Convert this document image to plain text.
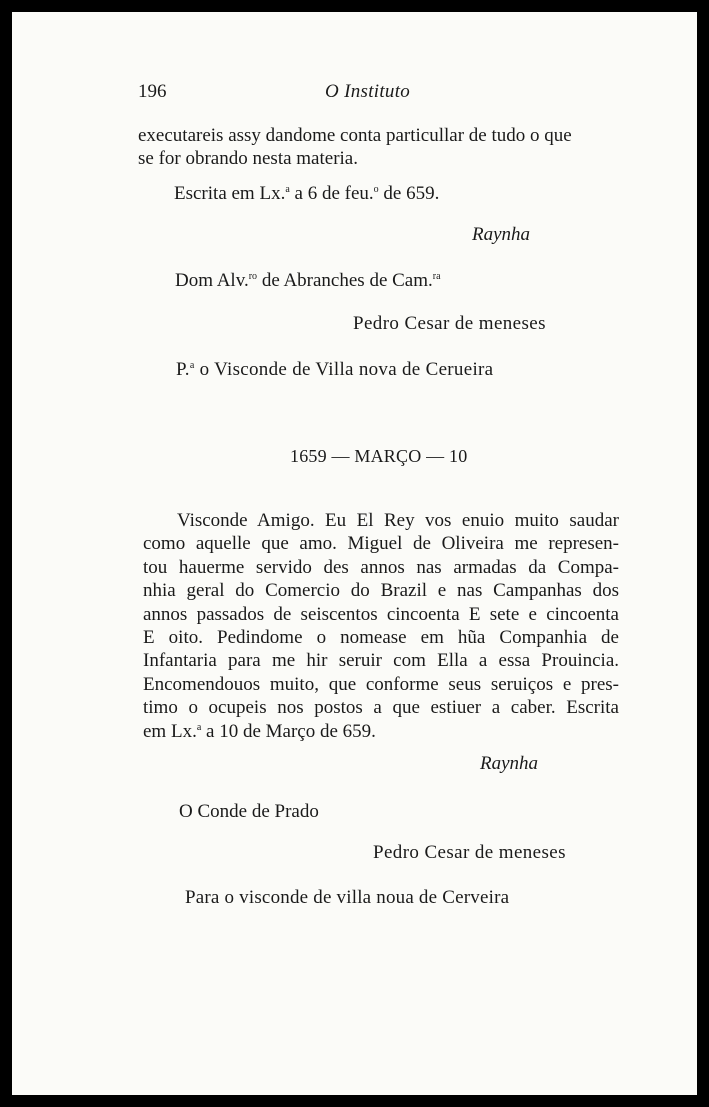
196	O Instituto
executareis assy dandome conta particullar de tudo o que
se for obrando nesta materia.
Escrita em Lx.$^a$ a 6 de feu.$^o$ de 659.
Raynha
Dom Alv.$^{ro}$ de Abranches de Cam.$^{ra}$
Pedro Cesar de meneses
P.$^a$ o Visconde de Villa nova de Cerueira
1659 — MARÇO — 10
Visconde Amigo. Eu El Rey vos enuio muito saudar
como aquelle que amo. Miguel de Oliveira me represen-
tou hauerme servido des annos nas armadas da Compa-
nhia geral do Comercio do Brazil e nas Campanhas dos
annos passados de seiscentos cincoenta E sete e cincoenta
E oito. Pedindome o nomease em hũa Companhia de
Infantaria para me hir seruir com Ella a essa Prouincia.
Encomendouos muito, que conforme seus seruiços e pres-
timo o ocupeis nos postos a que estiuer a caber. Escrita
em Lx.$^a$ a 10 de Março de 659.
Raynha
O Conde de Prado
Pedro Cesar de meneses
Para o visconde de villa noua de Cerveira
